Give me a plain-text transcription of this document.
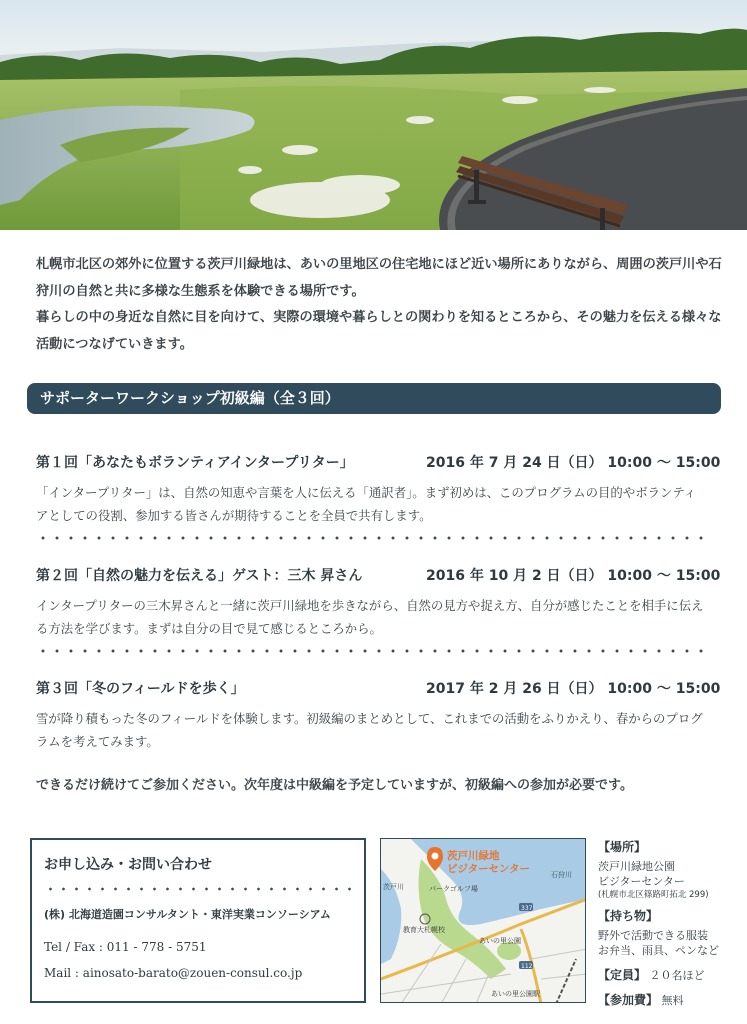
札幌市北区の郊外に位置する茨戸川緑地は、あいの里地区の住宅地にほど近い場所にありながら、周囲の茨戸川や石狩川の自然と共に多様な生態系を体験できる場所です。

暮らしの中の身近な自然に目を向けて、実際の環境や暮らしとの関わりを知るところから、その魅力を伝える様々な活動につなげていきます。

サポーターワークショップ初級編（全３回）
第１回「あなたもボランティアインタープリター」	2016 年 7 月 24 日（日） 10:00 ～ 15:00

「インタープリター」は、自然の知恵や言葉を人に伝える「通訳者」。まず初めは、このプログラムの目的やボランティアとしての役割、参加する皆さんが期待することを全員で共有します。

第２回「自然の魅力を伝える」ゲスト：三木 昇さん	2016 年 10 月 2 日（日） 10:00 ～ 15:00

インタープリターの三木昇さんと一緒に茨戸川緑地を歩きながら、自然の見方や捉え方、自分が感じたことを相手に伝える方法を学びます。まずは自分の目で見て感じるところから。

第３回「冬のフィールドを歩く」	2017 年 2 月 26 日（日） 10:00 ～ 15:00

雪が降り積もった冬のフィールドを体験します。初級編のまとめとして、これまでの活動をふりかえり、春からのプログラムを考えてみます。

できるだけ続けてご参加ください。次年度は中級編を予定していますが、初級編への参加が必要です。

お申し込み・お問い合わせ
(株) 北海道造園コンサルタント・東洋実業コンソーシアム
Tel / Fax : 011 - 778 - 5751
Mail : ainosato-barato@zouen-consul.co.jp
茨戸川緑地
ビジターセンター
茨戸川
石狩川
パークゴルフ場
教育大札幌校
あいの里公園
あいの里公園駅
337
112
【場所】
茨戸川緑地公園
ビジターセンター
(札幌市北区篠路町拓北 299)
【持ち物】
野外で活動できる服装
お弁当、雨具、ペンなど
【定員】 ２０名ほど
【参加費】 無料
